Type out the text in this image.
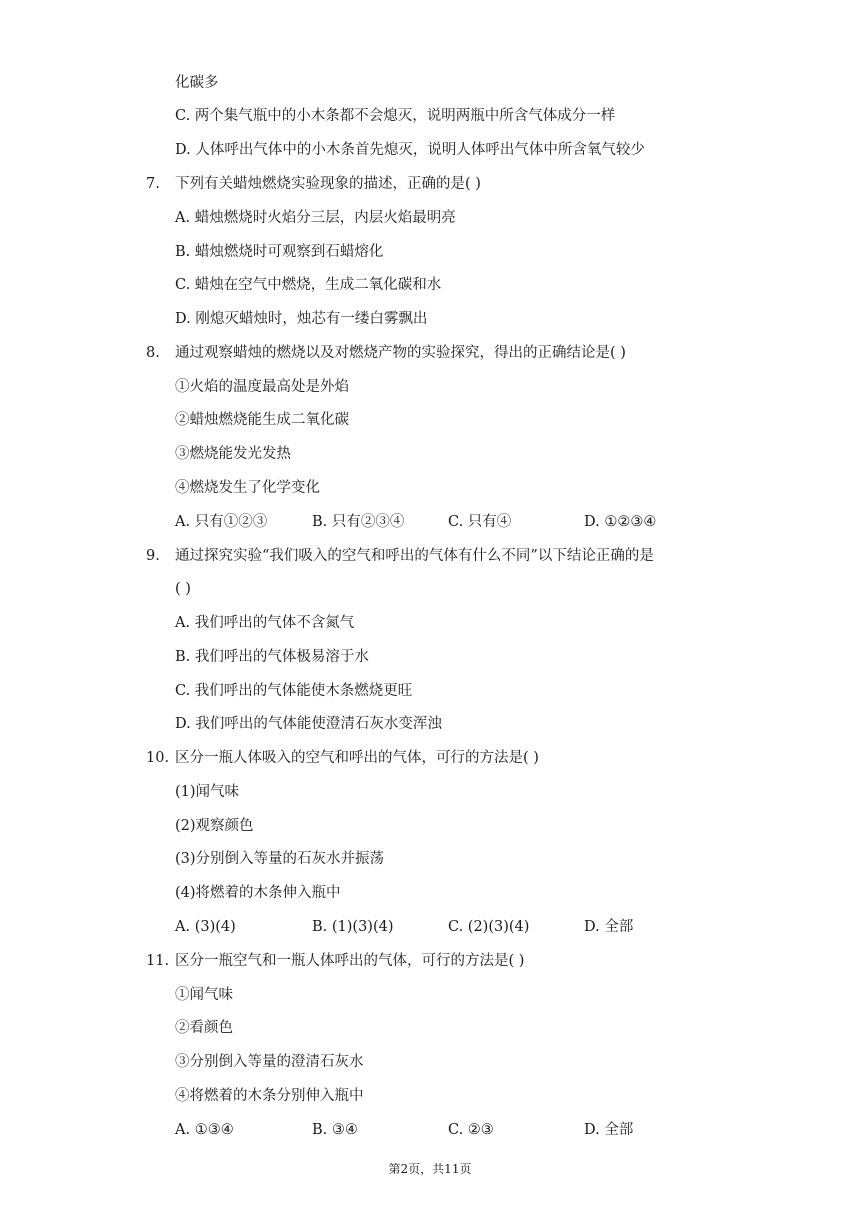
化碳多
C. 两个集气瓶中的小木条都不会熄灭，说明两瓶中所含气体成分一样
D. 人体呼出气体中的小木条首先熄灭，说明人体呼出气体中所含氧气较少
7. 下列有关蜡烛燃烧实验现象的描述，正确的是( )
A. 蜡烛燃烧时火焰分三层，内层火焰最明亮
B. 蜡烛燃烧时可观察到石蜡熔化
C. 蜡烛在空气中燃烧，生成二氧化碳和水
D. 刚熄灭蜡烛时，烛芯有一缕白雾飘出
8. 通过观察蜡烛的燃烧以及对燃烧产物的实验探究，得出的正确结论是( )
①火焰的温度最高处是外焰
②蜡烛燃烧能生成二氧化碳
③燃烧能发光发热
④燃烧发生了化学变化
A. 只有①②③	B. 只有②③④	C. 只有④	D. ①②③④
9. 通过探究实验“我们吸入的空气和呼出的气体有什么不同”以下结论正确的是
( )
A. 我们呼出的气体不含氮气
B. 我们呼出的气体极易溶于水
C. 我们呼出的气体能使木条燃烧更旺
D. 我们呼出的气体能使澄清石灰水变浑浊
10. 区分一瓶人体吸入的空气和呼出的气体，可行的方法是( )
(1)闻气味
(2)观察颜色
(3)分别倒入等量的石灰水并振荡
(4)将燃着的木条伸入瓶中
A. (3)(4)	B. (1)(3)(4)	C. (2)(3)(4)	D. 全部
11. 区分一瓶空气和一瓶人体呼出的气体，可行的方法是( )
①闻气味
②看颜色
③分别倒入等量的澄清石灰水
④将燃着的木条分别伸入瓶中
A. ①③④	B. ③④	C. ②③	D. 全部
第2页，共11页
